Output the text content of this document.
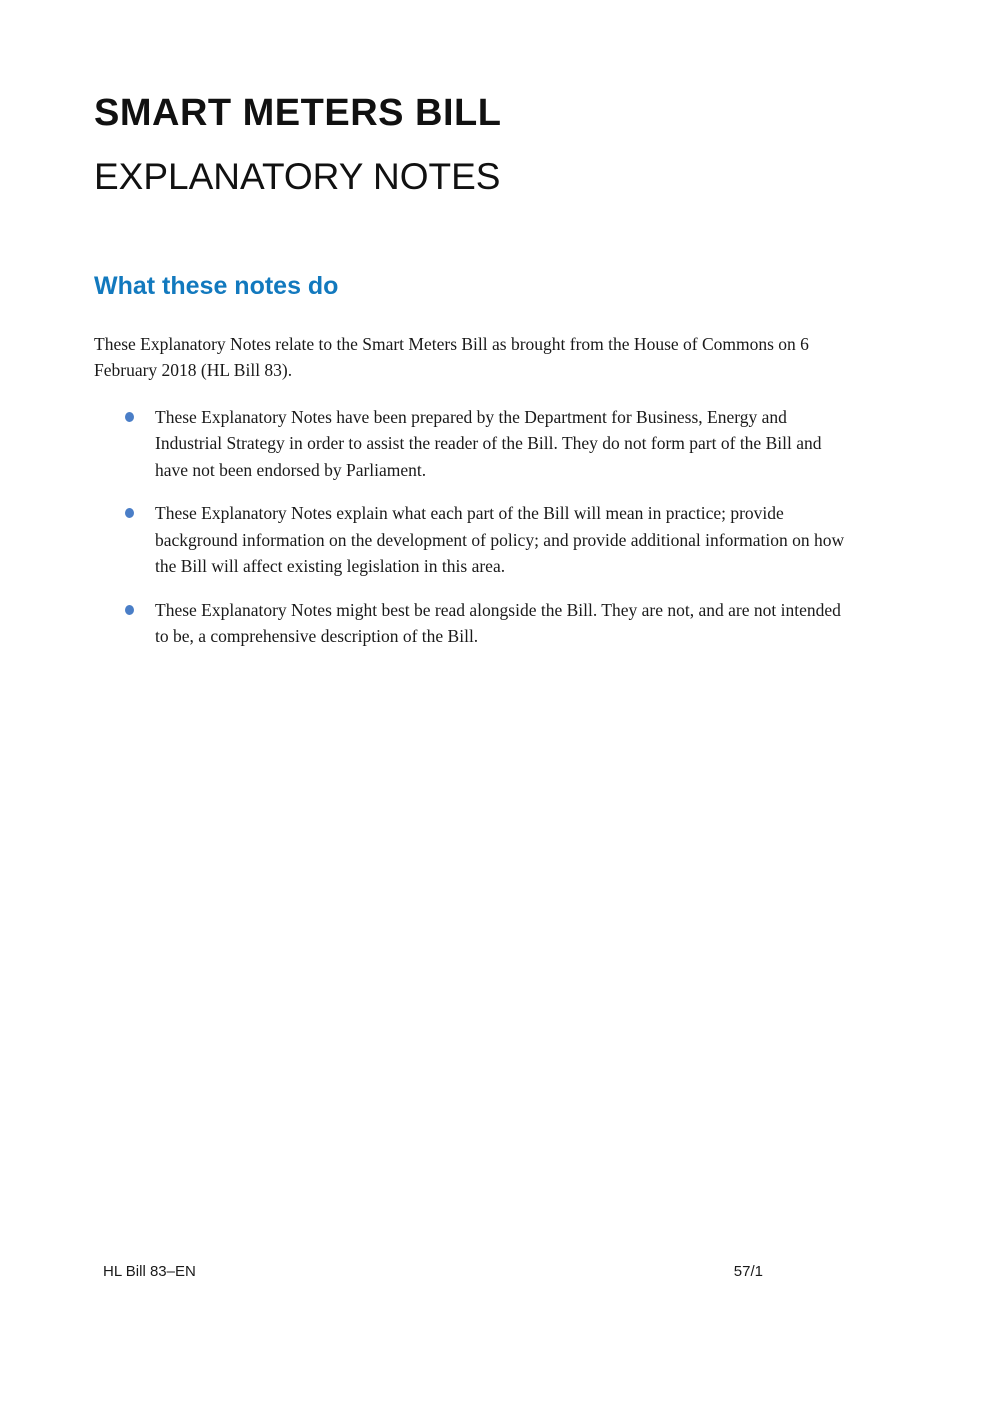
SMART METERS BILL
EXPLANATORY NOTES
What these notes do

These Explanatory Notes relate to the Smart Meters Bill as brought from the House of Commons on 6 February 2018 (HL Bill 83).

These Explanatory Notes have been prepared by the Department for Business, Energy and Industrial Strategy in order to assist the reader of the Bill. They do not form part of the Bill and have not been endorsed by Parliament.
These Explanatory Notes explain what each part of the Bill will mean in practice; provide background information on the development of policy; and provide additional information on how the Bill will affect existing legislation in this area.
These Explanatory Notes might best be read alongside the Bill. They are not, and are not intended to be, a comprehensive description of the Bill.
HL Bill 83–EN	57/1
